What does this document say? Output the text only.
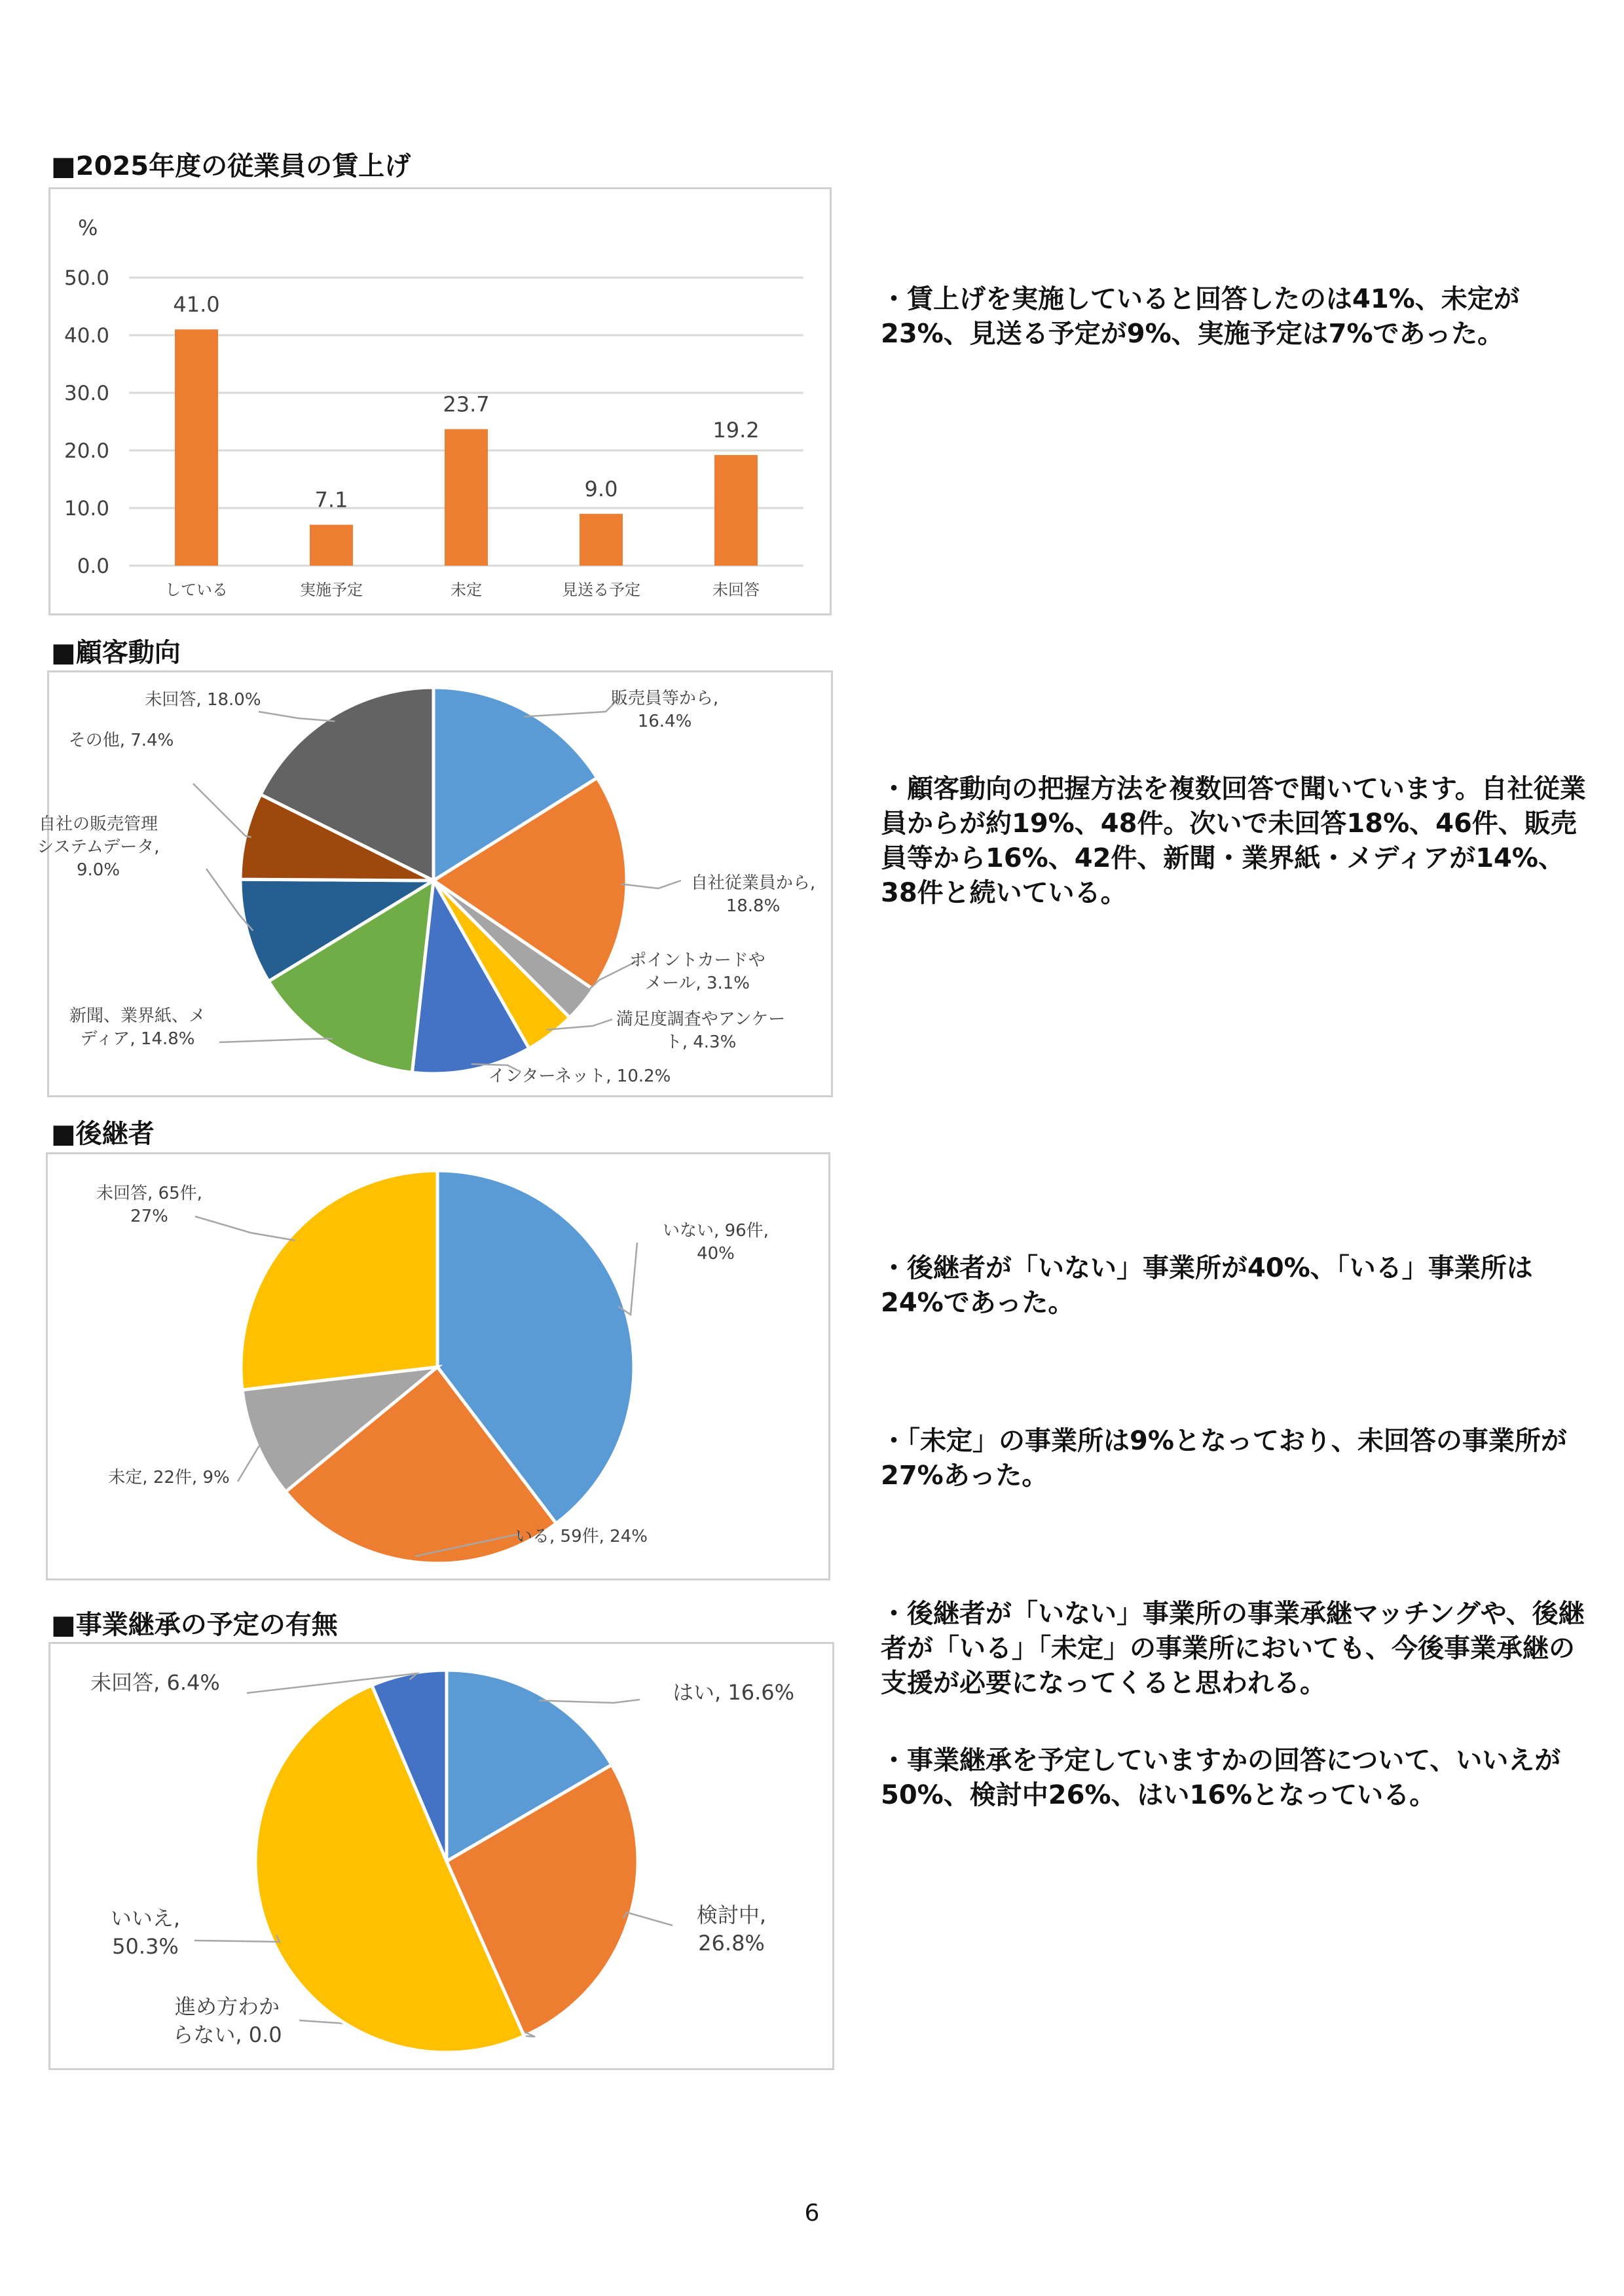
■2025年度の従業員の賃上げ
%
0.0
10.0
20.0
30.0
40.0
50.0
41.0
している
7.1
実施予定
23.7
未定
9.0
見送る予定
19.2
未回答

・賃上げを実施していると回答したのは41%、未定が23%、見送る予定が9%、実施予定は7%であった。

■顧客動向
販売員等から,
16.4%
自社従業員から,
18.8%
ポイントカードや
メール, 3.1%
満足度調査やアンケー
ト, 4.3%
インターネット, 10.2%
新聞、業界紙、メ
ディア, 14.8%
自社の販売管理
システムデータ,
9.0%
その他, 7.4%
未回答, 18.0%

・顧客動向の把握方法を複数回答で聞いています。自社従業員からが約19%、48件。次いで未回答18%、46件、販売員等から16%、42件、新聞・業界紙・メディアが14%、38件と続いている。

■後継者
いない, 96件,
40%
いる, 59件, 24%
未定, 22件, 9%
未回答, 65件,
27%

・後継者が「いない」事業所が40%、「いる」事業所は24%であった。

・「未定」の事業所は9%となっており、未回答の事業所が27%あった。

・後継者が「いない」事業所の事業承継マッチングや、後継者が「いる」「未定」の事業所においても、今後事業承継の支援が必要になってくると思われる。

■事業継承の予定の有無
はい, 16.6%
検討中,
26.8%
進め方わか
らない, 0.0
いいえ,
50.3%
未回答, 6.4%

・事業継承を予定していますかの回答について、いいえが50%、検討中26%、はい16%となっている。

6
